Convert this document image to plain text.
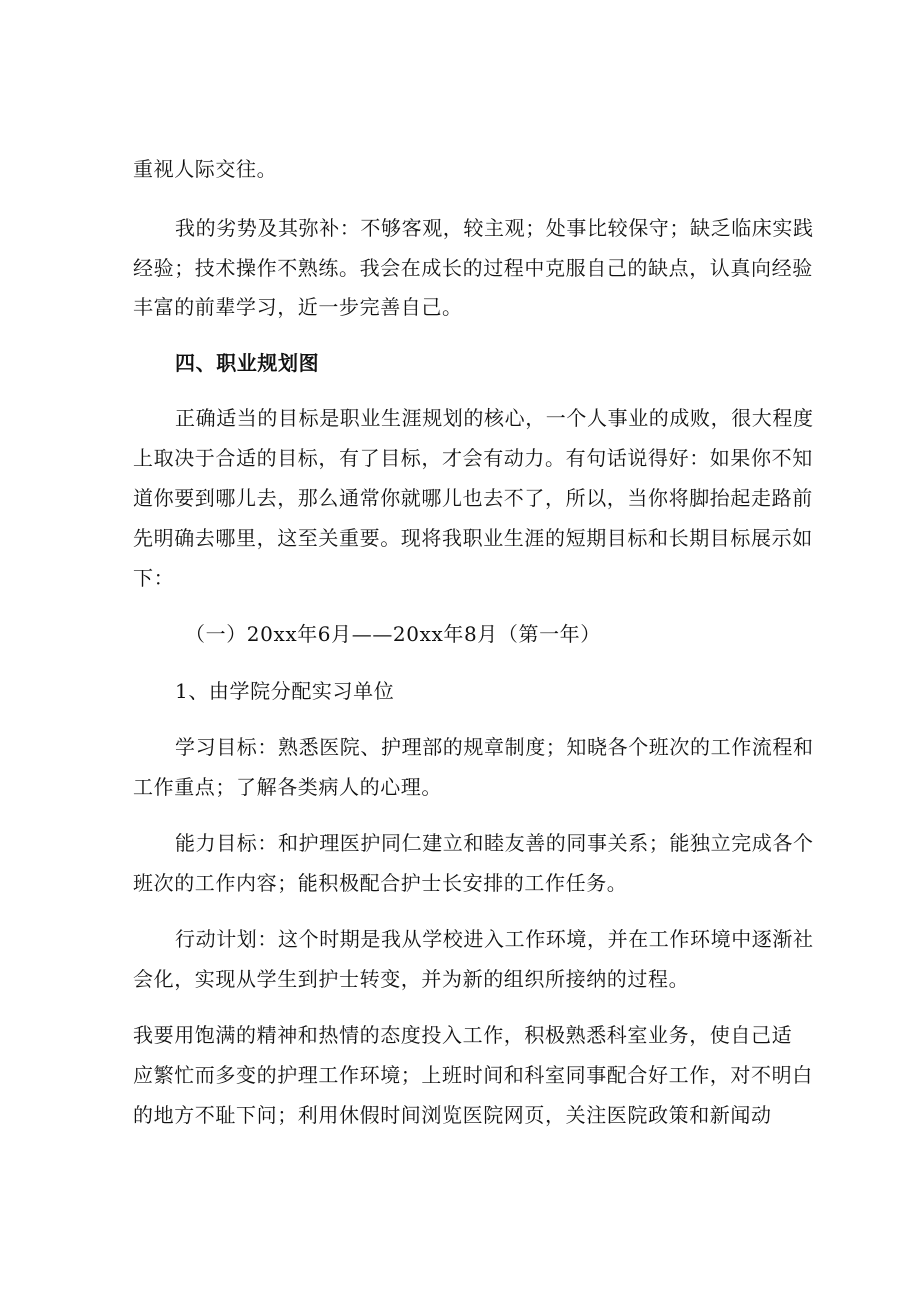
重视人际交往。
我的劣势及其弥补：不够客观，较主观；处事比较保守；缺乏临床实践
经验；技术操作不熟练。我会在成长的过程中克服自己的缺点，认真向经验
丰富的前辈学习，近一步完善自己。
四、职业规划图
正确适当的目标是职业生涯规划的核心，一个人事业的成败，很大程度
上取决于合适的目标，有了目标，才会有动力。有句话说得好：如果你不知
道你要到哪儿去，那么通常你就哪儿也去不了，所以，当你将脚抬起走路前
先明确去哪里，这至关重要。现将我职业生涯的短期目标和长期目标展示如
下：
（一）20xx年6月——20xx年8月（第一年）
1、由学院分配实习单位
学习目标：熟悉医院、护理部的规章制度；知晓各个班次的工作流程和
工作重点；了解各类病人的心理。
能力目标：和护理医护同仁建立和睦友善的同事关系；能独立完成各个
班次的工作内容；能积极配合护士长安排的工作任务。
行动计划：这个时期是我从学校进入工作环境，并在工作环境中逐渐社
会化，实现从学生到护士转变，并为新的组织所接纳的过程。
我要用饱满的精神和热情的态度投入工作，积极熟悉科室业务，使自己适
应繁忙而多变的护理工作环境；上班时间和科室同事配合好工作，对不明白
的地方不耻下问；利用休假时间浏览医院网页，关注医院政策和新闻动
